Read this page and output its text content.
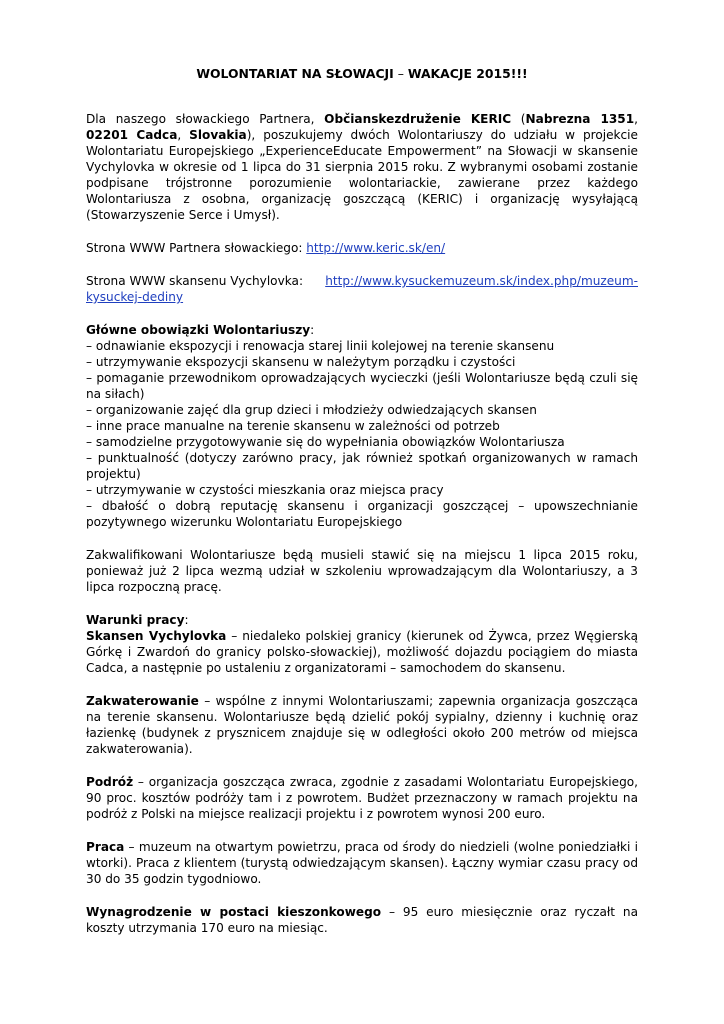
WOLONTARIAT NA SŁOWACJI – WAKACJE 2015!!!

Dla naszego słowackiego Partnera, Občianskezdruženie KERIC (Nabrezna 1351, 02201 Cadca, Slovakia), poszukujemy dwóch Wolontariuszy do udziału w projekcie Wolontariatu Europejskiego „ExperienceEducate Empowerment” na Słowacji w skansenie Vychylovka w okresie od 1 lipca do 31 sierpnia 2015 roku. Z wybranymi osobami zostanie podpisane trójstronne porozumienie wolontariackie, zawierane przez każdego Wolontariusza z osobna, organizację goszczącą (KERIC) i organizację wysyłającą (Stowarzyszenie Serce i Umysł).

Strona WWW Partnera słowackiego: http://www.keric.sk/en/

Strona WWW skansenu Vychylovka: http://www.kysuckemuzeum.sk/index.php/muzeum-

kysuckej-dediny

Główne obowiązki Wolontariuszy:

– odnawianie ekspozycji i renowacja starej linii kolejowej na terenie skansenu
– utrzymywanie ekspozycji skansenu w należytym porządku i czystości
– pomaganie przewodnikom oprowadzających wycieczki (jeśli Wolontariusze będą czuli się na siłach)
– organizowanie zajęć dla grup dzieci i młodzieży odwiedzających skansen
– inne prace manualne na terenie skansenu w zależności od potrzeb
– samodzielne przygotowywanie się do wypełniania obowiązków Wolontariusza
– punktualność (dotyczy zarówno pracy, jak również spotkań organizowanych w ramach projektu)
– utrzymywanie w czystości mieszkania oraz miejsca pracy
– dbałość o dobrą reputację skansenu i organizacji goszczącej – upowszechnianie pozytywnego wizerunku Wolontariatu Europejskiego

Zakwalifikowani Wolontariusze będą musieli stawić się na miejscu 1 lipca 2015 roku, ponieważ już 2 lipca wezmą udział w szkoleniu wprowadzającym dla Wolontariuszy, a 3 lipca rozpoczną pracę.

Warunki pracy:

Skansen Vychylovka – niedaleko polskiej granicy (kierunek od Żywca, przez Węgierską Górkę i Zwardoń do granicy polsko-słowackiej), możliwość dojazdu pociągiem do miasta Cadca, a następnie po ustaleniu z organizatorami – samochodem do skansenu.

Zakwaterowanie – wspólne z innymi Wolontariuszami; zapewnia organizacja goszcząca na terenie skansenu. Wolontariusze będą dzielić pokój sypialny, dzienny i kuchnię oraz łazienkę (budynek z prysznicem znajduje się w odległości około 200 metrów od miejsca zakwaterowania).

Podróż – organizacja goszcząca zwraca, zgodnie z zasadami Wolontariatu Europejskiego, 90 proc. kosztów podróży tam i z powrotem. Budżet przeznaczony w ramach projektu na podróż z Polski na miejsce realizacji projektu i z powrotem wynosi 200 euro.

Praca – muzeum na otwartym powietrzu, praca od środy do niedzieli (wolne poniedziałki i wtorki). Praca z klientem (turystą odwiedzającym skansen). Łączny wymiar czasu pracy od 30 do 35 godzin tygodniowo.

Wynagrodzenie w postaci kieszonkowego – 95 euro miesięcznie oraz ryczałt na koszty utrzymania 170 euro na miesiąc.
